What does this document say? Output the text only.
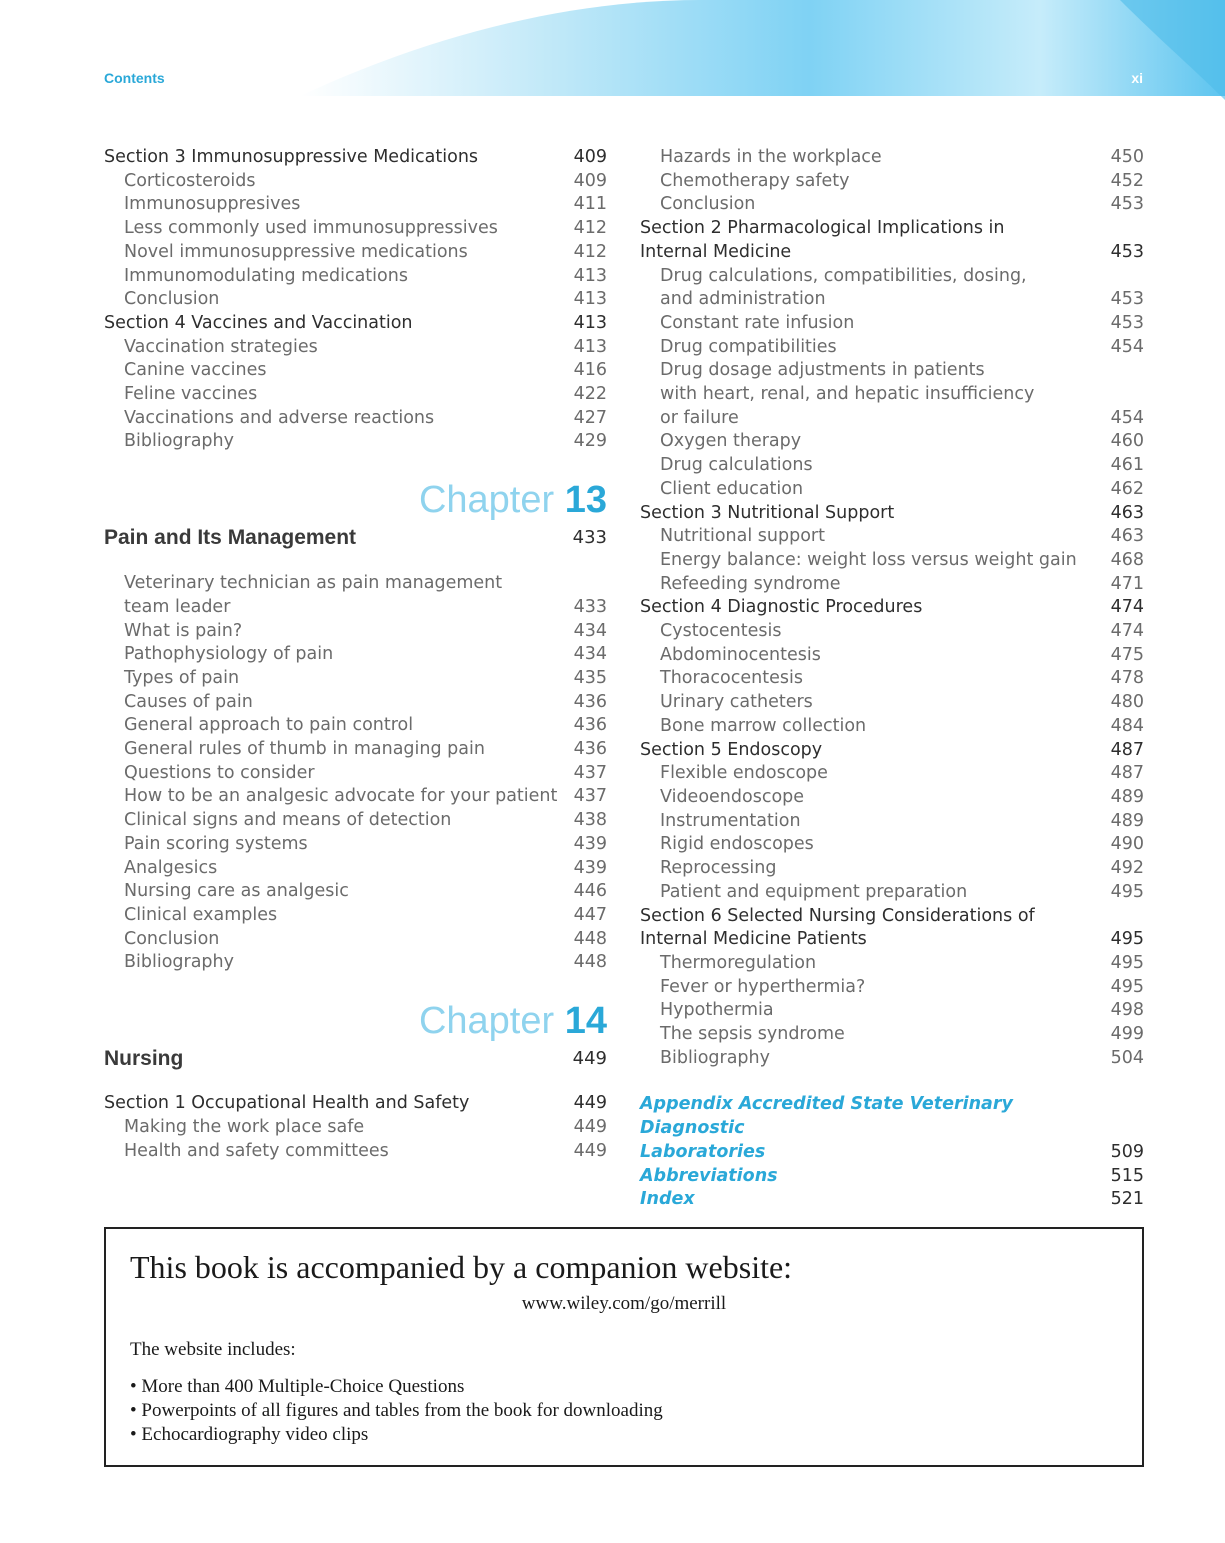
Contents	xi
Section 3 Immunosuppressive Medications	409
Corticosteroids	409
Immunosuppresives	411
Less commonly used immunosuppressives	412
Novel immunosuppressive medications	412
Immunomodulating medications	413
Conclusion	413
Section 4 Vaccines and Vaccination	413
Vaccination strategies	413
Canine vaccines	416
Feline vaccines	422
Vaccinations and adverse reactions	427
Bibliography	429
Chapter 13
Pain and Its Management	433
Veterinary technician as pain management
team leader	433
What is pain?	434
Pathophysiology of pain	434
Types of pain	435
Causes of pain	436
General approach to pain control	436
General rules of thumb in managing pain	436
Questions to consider	437
How to be an analgesic advocate for your patient 437
Clinical signs and means of detection	438
Pain scoring systems	439
Analgesics	439
Nursing care as analgesic	446
Clinical examples	447
Conclusion	448
Bibliography	448
Chapter 14
Nursing	449
Section 1 Occupational Health and Safety	449
Making the work place safe	449
Health and safety committees	449
Hazards in the workplace	450
Chemotherapy safety	452
Conclusion	453
Section 2 Pharmacological Implications in
Internal Medicine	453
Drug calculations, compatibilities, dosing,
and administration	453
Constant rate infusion	453
Drug compatibilities	454
Drug dosage adjustments in patients
with heart, renal, and hepatic insufficiency
or failure	454
Oxygen therapy	460
Drug calculations	461
Client education	462
Section 3 Nutritional Support	463
Nutritional support	463
Energy balance: weight loss versus weight gain	468
Refeeding syndrome	471
Section 4 Diagnostic Procedures	474
Cystocentesis	474
Abdominocentesis	475
Thoracocentesis	478
Urinary catheters	480
Bone marrow collection	484
Section 5 Endoscopy	487
Flexible endoscope	487
Videoendoscope	489
Instrumentation	489
Rigid endoscopes	490
Reprocessing	492
Patient and equipment preparation	495
Section 6 Selected Nursing Considerations of
Internal Medicine Patients	495
Thermoregulation	495
Fever or hyperthermia?	495
Hypothermia	498
The sepsis syndrome	499
Bibliography	504
Appendix Accredited State Veterinary Diagnostic
Laboratories	509
Abbreviations	515
Index	521
This book is accompanied by a companion website:
www.wiley.com/go/merrill
The website includes:
• More than 400 Multiple-Choice Questions
• Powerpoints of all figures and tables from the book for downloading
• Echocardiography video clips
